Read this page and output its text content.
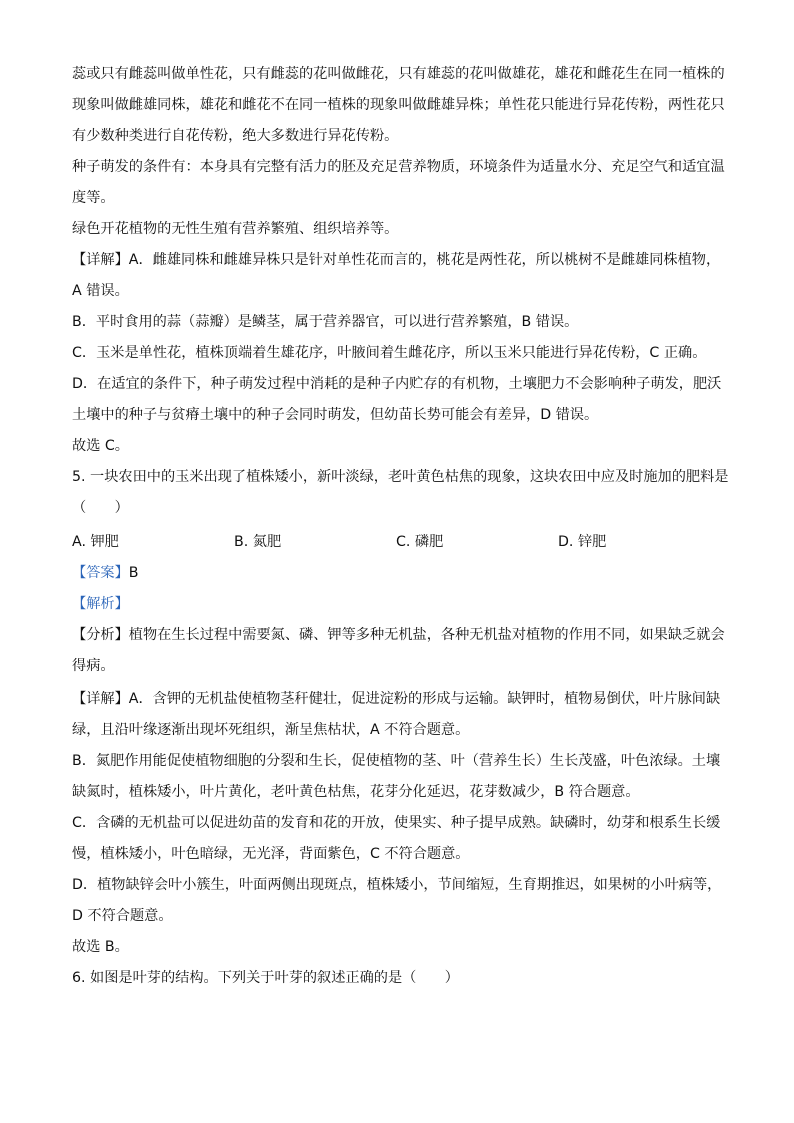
蕊或只有雌蕊叫做单性花，只有雌蕊的花叫做雌花，只有雄蕊的花叫做雄花，雄花和雌花生在同一植株的
现象叫做雌雄同株，雄花和雌花不在同一植株的现象叫做雌雄异株；单性花只能进行异花传粉，两性花只
有少数种类进行自花传粉，绝大多数进行异花传粉。
种子萌发的条件有：本身具有完整有活力的胚及充足营养物质，环境条件为适量水分、充足空气和适宜温
度等。
绿色开花植物的无性生殖有营养繁殖、组织培养等。
【详解】A．雌雄同株和雌雄异株只是针对单性花而言的，桃花是两性花，所以桃树不是雌雄同株植物，
A 错误。
B．平时食用的蒜（蒜瓣）是鳞茎，属于营养器官，可以进行营养繁殖，B 错误。
C．玉米是单性花，植株顶端着生雄花序，叶腋间着生雌花序，所以玉米只能进行异花传粉，C 正确。
D．在适宜的条件下，种子萌发过程中消耗的是种子内贮存的有机物，土壤肥力不会影响种子萌发，肥沃
土壤中的种子与贫瘠土壤中的种子会同时萌发，但幼苗长势可能会有差异，D 错误。
故选 C。
5. 一块农田中的玉米出现了植株矮小，新叶淡绿，老叶黄色枯焦的现象，这块农田中应及时施加的肥料是
（　　）
A. 钾肥	B. 氮肥	C. 磷肥	D. 锌肥
【答案】B
【解析】
【分析】植物在生长过程中需要氮、磷、钾等多种无机盐，各种无机盐对植物的作用不同，如果缺乏就会
得病。
【详解】A．含钾的无机盐使植物茎秆健壮，促进淀粉的形成与运输。缺钾时，植物易倒伏，叶片脉间缺
绿，且沿叶缘逐渐出现坏死组织，渐呈焦枯状，A 不符合题意。
B．氮肥作用能促使植物细胞的分裂和生长，促使植物的茎、叶（营养生长）生长茂盛，叶色浓绿。土壤
缺氮时，植株矮小，叶片黄化，老叶黄色枯焦，花芽分化延迟，花芽数减少，B 符合题意。
C．含磷的无机盐可以促进幼苗的发育和花的开放，使果实、种子提早成熟。缺磷时，幼芽和根系生长缓
慢，植株矮小，叶色暗绿，无光泽，背面紫色，C 不符合题意。
D．植物缺锌会叶小簇生，叶面两侧出现斑点，植株矮小，节间缩短，生育期推迟，如果树的小叶病等，
D 不符合题意。
故选 B。
6. 如图是叶芽的结构。下列关于叶芽的叙述正确的是（　　）
